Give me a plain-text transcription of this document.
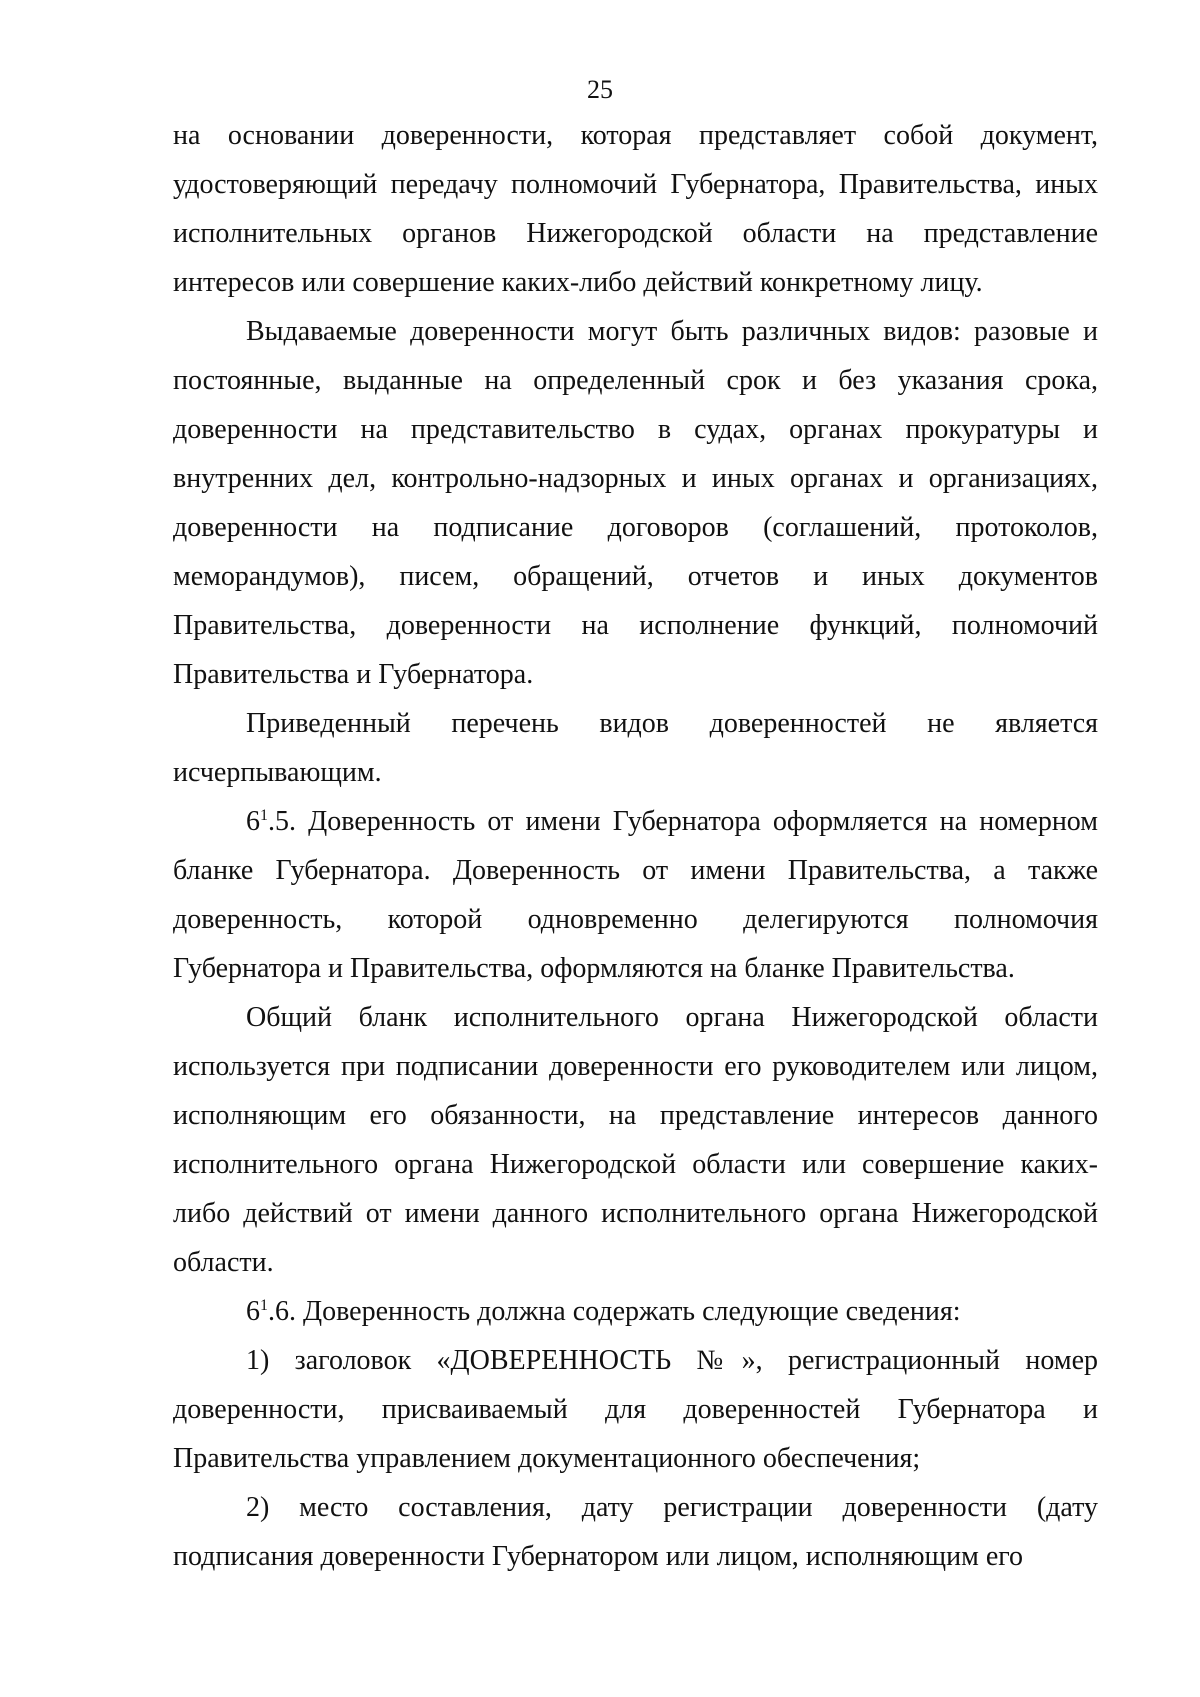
25

на основании доверенности, которая представляет собой документ, удостоверяющий передачу полномочий Губернатора, Правительства, иных исполнительных органов Нижегородской области на представление интересов или совершение каких-либо действий конкретному лицу.

Выдаваемые доверенности могут быть различных видов: разовые и постоянные, выданные на определенный срок и без указания срока, доверенности на представительство в судах, органах прокуратуры и внутренних дел, контрольно-надзорных и иных органах и организациях, доверенности на подписание договоров (соглашений, протоколов, меморандумов), писем, обращений, отчетов и иных документов Правительства, доверенности на исполнение функций, полномочий Правительства и Губернатора.

Приведенный перечень видов доверенностей не является исчерпывающим.

$6^1.5$. Доверенность от имени Губернатора оформляется на номерном бланке Губернатора. Доверенность от имени Правительства, а также доверенность, которой одновременно делегируются полномочия Губернатора и Правительства, оформляются на бланке Правительства.

Общий бланк исполнительного органа Нижегородской области используется при подписании доверенности его руководителем или лицом, исполняющим его обязанности, на представление интересов данного исполнительного органа Нижегородской области или совершение каких-либо действий от имени данного исполнительного органа Нижегородской области.

$6^1.6$. Доверенность должна содержать следующие сведения:

1) заголовок «ДОВЕРЕННОСТЬ №», регистрационный номер доверенности, присваиваемый для доверенностей Губернатора и Правительства управлением документационного обеспечения;

2) место составления, дату регистрации доверенности (дату подписания доверенности Губернатором или лицом, исполняющим его
